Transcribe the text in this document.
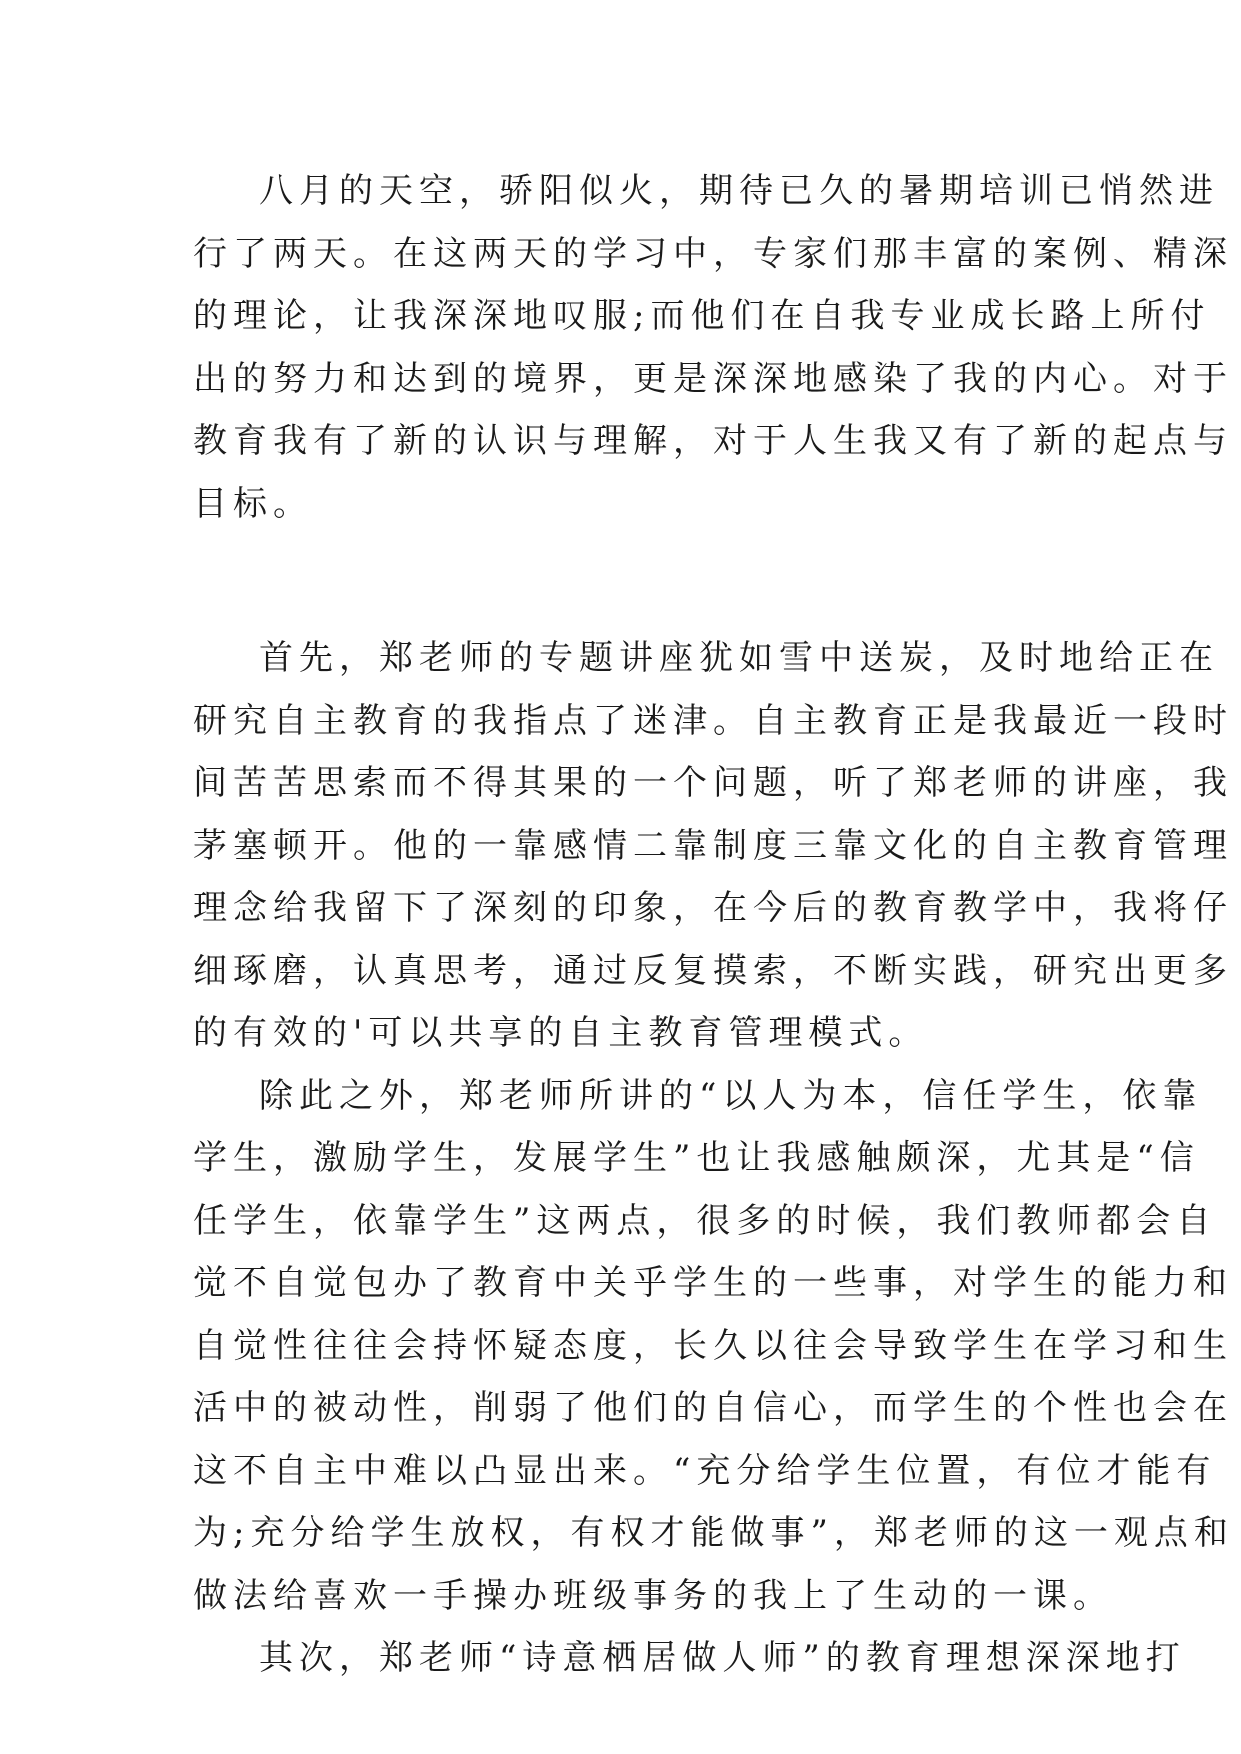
八月的天空，骄阳似火，期待已久的暑期培训已悄然进
行了两天。在这两天的学习中，专家们那丰富的案例、精深
的理论，让我深深地叹服;而他们在自我专业成长路上所付
出的努力和达到的境界，更是深深地感染了我的内心。对于
教育我有了新的认识与理解，对于人生我又有了新的起点与
目标。
首先，郑老师的专题讲座犹如雪中送炭，及时地给正在
研究自主教育的我指点了迷津。自主教育正是我最近一段时
间苦苦思索而不得其果的一个问题，听了郑老师的讲座，我
茅塞顿开。他的一靠感情二靠制度三靠文化的自主教育管理
理念给我留下了深刻的印象，在今后的教育教学中，我将仔
细琢磨，认真思考，通过反复摸索，不断实践，研究出更多
的有效的'可以共享的自主教育管理模式。
除此之外，郑老师所讲的“以人为本，信任学生，依靠
学生，激励学生，发展学生”也让我感触颇深，尤其是“信
任学生，依靠学生”这两点，很多的时候，我们教师都会自
觉不自觉包办了教育中关乎学生的一些事，对学生的能力和
自觉性往往会持怀疑态度，长久以往会导致学生在学习和生
活中的被动性，削弱了他们的自信心，而学生的个性也会在
这不自主中难以凸显出来。“充分给学生位置，有位才能有
为;充分给学生放权，有权才能做事”，郑老师的这一观点和
做法给喜欢一手操办班级事务的我上了生动的一课。
其次，郑老师“诗意栖居做人师”的教育理想深深地打
